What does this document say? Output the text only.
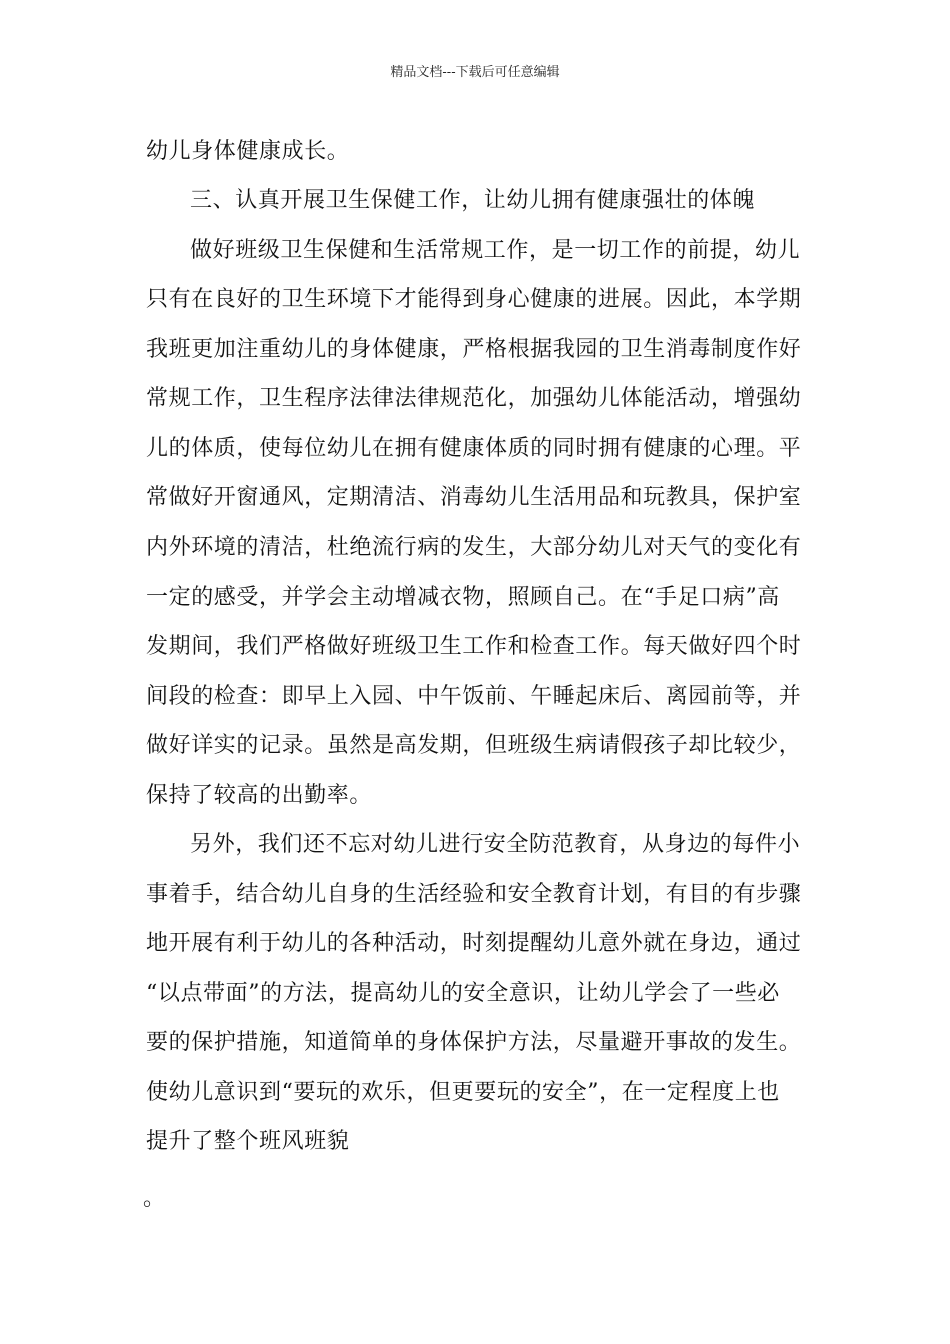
精品文档---下载后可任意编辑
幼儿身体健康成长。
三、认真开展卫生保健工作，让幼儿拥有健康强壮的体魄
做好班级卫生保健和生活常规工作，是一切工作的前提，幼儿
只有在良好的卫生环境下才能得到身心健康的进展。因此，本学期
我班更加注重幼儿的身体健康，严格根据我园的卫生消毒制度作好
常规工作，卫生程序法律法律规范化，加强幼儿体能活动，增强幼
儿的体质，使每位幼儿在拥有健康体质的同时拥有健康的心理。平
常做好开窗通风，定期清洁、消毒幼儿生活用品和玩教具，保护室
内外环境的清洁，杜绝流行病的发生，大部分幼儿对天气的变化有
一定的感受，并学会主动增减衣物，照顾自己。在“手足口病”高
发期间，我们严格做好班级卫生工作和检查工作。每天做好四个时
间段的检查：即早上入园、中午饭前、午睡起床后、离园前等，并
做好详实的记录。虽然是高发期，但班级生病请假孩子却比较少，
保持了较高的出勤率。
另外，我们还不忘对幼儿进行安全防范教育，从身边的每件小
事着手，结合幼儿自身的生活经验和安全教育计划，有目的有步骤
地开展有利于幼儿的各种活动，时刻提醒幼儿意外就在身边，通过
“以点带面”的方法，提高幼儿的安全意识，让幼儿学会了一些必
要的保护措施，知道简单的身体保护方法，尽量避开事故的发生。
使幼儿意识到“要玩的欢乐，但更要玩的安全”，在一定程度上也
提升了整个班风班貌
。
